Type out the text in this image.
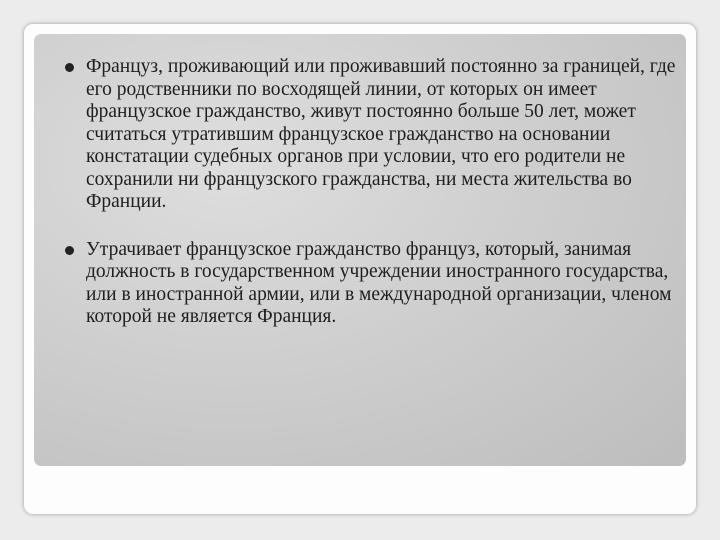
Француз, проживающий или проживавший постоянно за границей, где его родственники по восходящей линии, от которых он имеет французское гражданство, живут постоянно больше 50 лет, может считаться утратившим французское гражданство на основании констатации судебных органов при условии, что его родители не сохранили ни французского гражданства, ни места жительства во Франции.
Утрачивает французское гражданство француз, который, занимая должность в государственном учреждении иностранного государства, или в иностранной армии, или в международной организации, членом которой не является Франция.
